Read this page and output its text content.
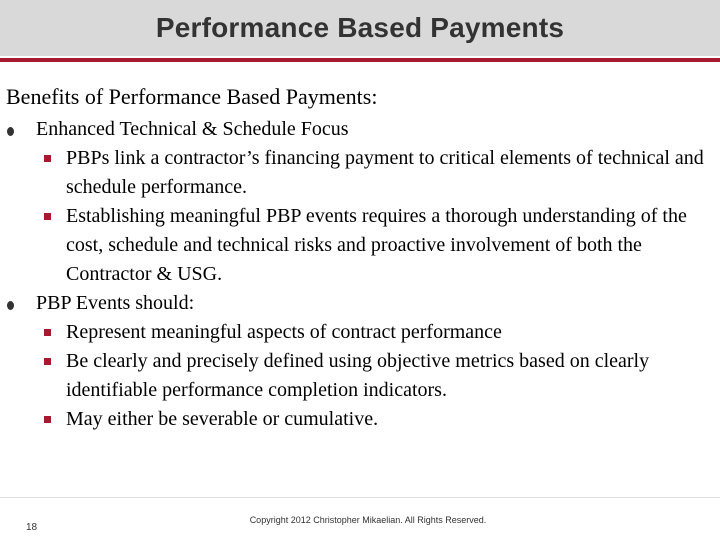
Performance Based Payments
Benefits of Performance Based Payments:
Enhanced Technical & Schedule Focus
PBPs link a contractor’s financing payment to critical elements of technical and schedule performance.
Establishing meaningful PBP events requires a thorough understanding of the cost, schedule and technical risks and proactive involvement of both the Contractor & USG.
PBP Events should:
Represent meaningful aspects of contract performance
Be clearly and precisely defined using objective metrics based on clearly identifiable performance completion indicators.
May either be severable or cumulative.
18
Copyright 2012 Christopher Mikaelian. All Rights Reserved.
